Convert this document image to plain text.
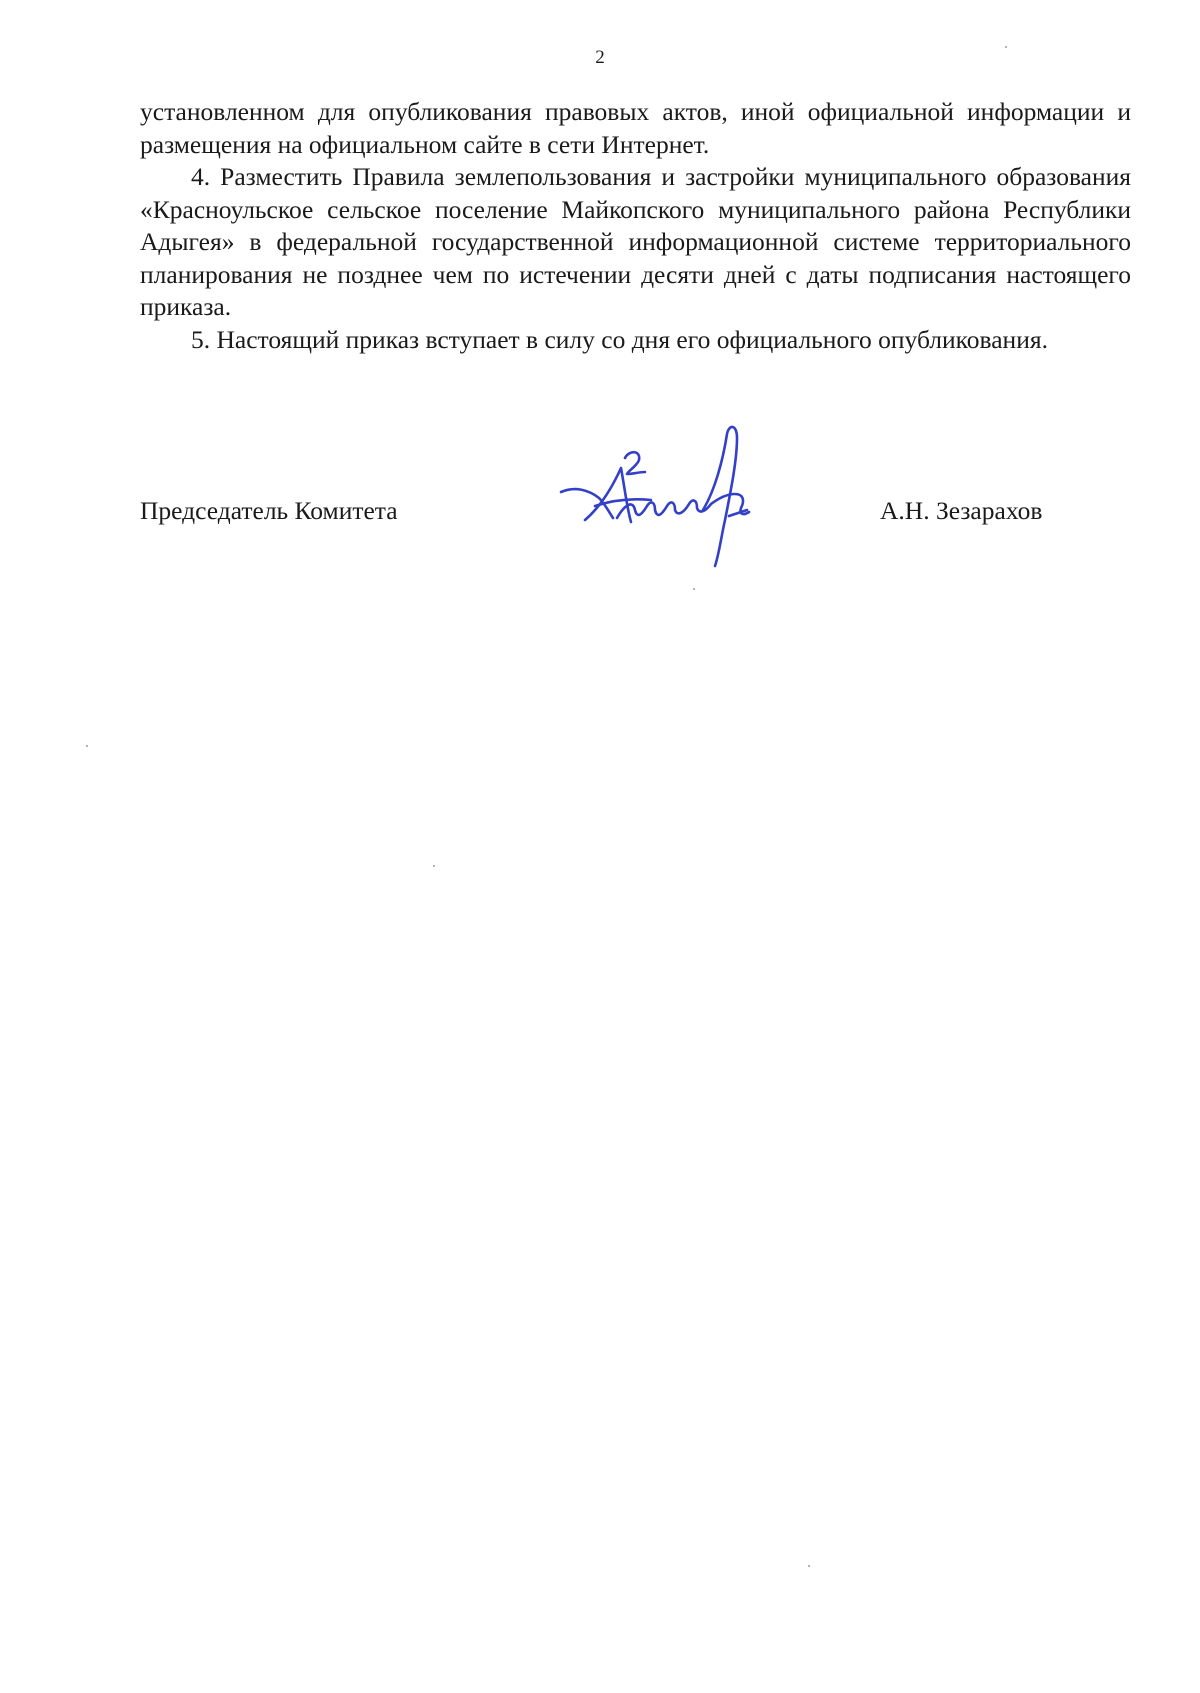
2

установленном для опубликования правовых актов, иной официальной информации и размещения на официальном сайте в сети Интернет.

4. Разместить Правила землепользования и застройки муниципального образования «Красноульское сельское поселение Майкопского муниципального района Республики Адыгея» в федеральной государственной информационной системе территориального планирования не позднее чем по истечении десяти дней с даты подписания настоящего приказа.

5. Настоящий приказ вступает в силу со дня его официального опубликования.

Председатель Комитета	А.Н. Зезарахов
